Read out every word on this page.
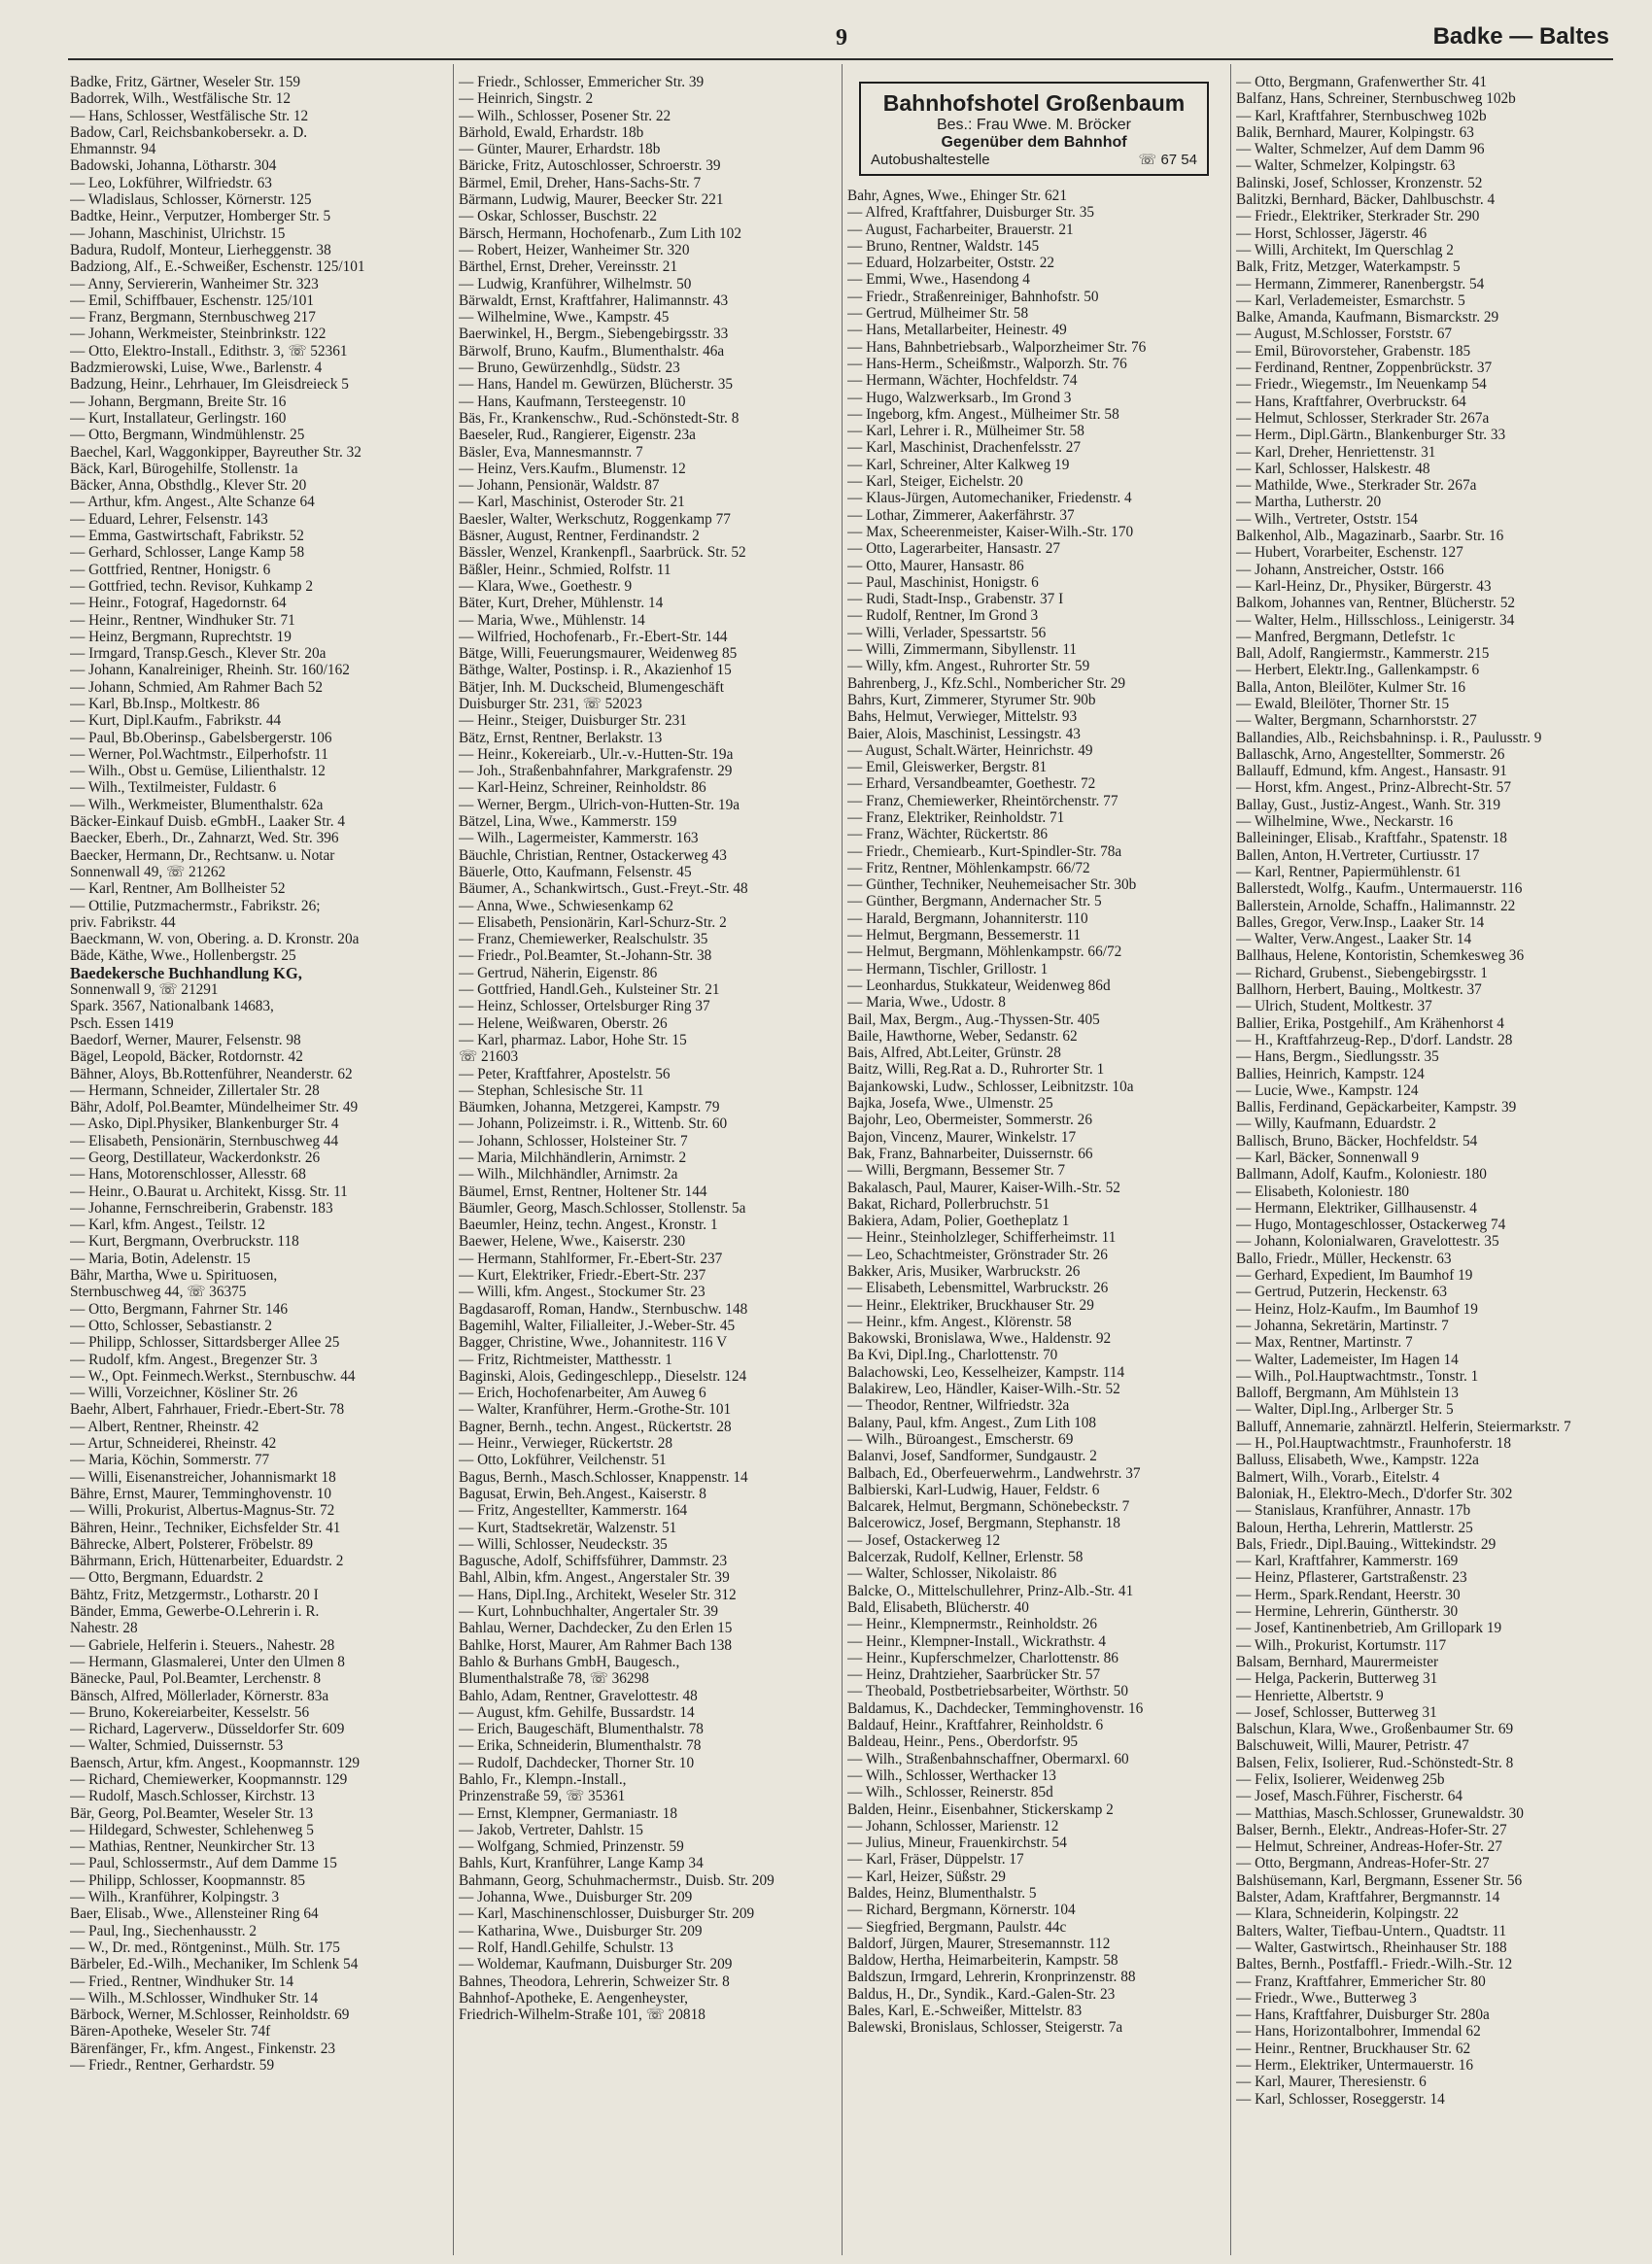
9	Badke — Baltes
Badke, Fritz, Gärtner, Weseler Str. 159
Badorrek, Wilh., Westfälische Str. 12
— Hans, Schlosser, Westfälische Str. 12
Badow, Carl, Reichsbankobersekr. a. D.
Ehmannstr. 94
Badowski, Johanna, Lötharstr. 304
— Leo, Lokführer, Wilfriedstr. 63
— Wladislaus, Schlosser, Körnerstr. 125
Badtke, Heinr., Verputzer, Homberger Str. 5
— Johann, Maschinist, Ulrichstr. 15
Badura, Rudolf, Monteur, Lierheggenstr. 38
Badziong, Alf., E.-Schweißer, Eschenstr. 125/101
— Anny, Serviererin, Wanheimer Str. 323
— Emil, Schiffbauer, Eschenstr. 125/101
— Franz, Bergmann, Sternbuschweg 217
— Johann, Werkmeister, Steinbrinkstr. 122
— Otto, Elektro-Install., Edithstr. 3, ☏ 52361
Badzmierowski, Luise, Wwe., Barlenstr. 4
Badzung, Heinr., Lehrhauer, Im Gleisdreieck 5
— Johann, Bergmann, Breite Str. 16
— Kurt, Installateur, Gerlingstr. 160
— Otto, Bergmann, Windmühlenstr. 25
Baechel, Karl, Waggonkipper, Bayreuther Str. 32
Bäck, Karl, Bürogehilfe, Stollenstr. 1a
Bäcker, Anna, Obsthdlg., Klever Str. 20
— Arthur, kfm. Angest., Alte Schanze 64
— Eduard, Lehrer, Felsenstr. 143
— Emma, Gastwirtschaft, Fabrikstr. 52
— Gerhard, Schlosser, Lange Kamp 58
— Gottfried, Rentner, Honigstr. 6
— Gottfried, techn. Revisor, Kuhkamp 2
— Heinr., Fotograf, Hagedornstr. 64
— Heinr., Rentner, Windhuker Str. 71
— Heinz, Bergmann, Ruprechtstr. 19
— Irmgard, Transp.Gesch., Klever Str. 20a
— Johann, Kanalreiniger, Rheinh. Str. 160/162
— Johann, Schmied, Am Rahmer Bach 52
— Karl, Bb.Insp., Moltkestr. 86
— Kurt, Dipl.Kaufm., Fabrikstr. 44
— Paul, Bb.Oberinsp., Gabelsbergerstr. 106
— Werner, Pol.Wachtmstr., Eilperhofstr. 11
— Wilh., Obst u. Gemüse, Lilienthalstr. 12
— Wilh., Textilmeister, Fuldastr. 6
— Wilh., Werkmeister, Blumenthalstr. 62a
Bäcker-Einkauf Duisb. eGmbH., Laaker Str. 4
Baecker, Eberh., Dr., Zahnarzt, Wed. Str. 396
Baecker, Hermann, Dr., Rechtsanw. u. Notar
Sonnenwall 49, ☏ 21262
— Karl, Rentner, Am Bollheister 52
— Ottilie, Putzmachermstr., Fabrikstr. 26;
priv. Fabrikstr. 44
Baeckmann, W. von, Obering. a. D. Kronstr. 20a
Bäde, Käthe, Wwe., Hollenbergstr. 25
Baedekersche Buchhandlung KG,
Sonnenwall 9, ☏ 21291
Spark. 3567, Nationalbank 14683,
Psch. Essen 1419
Baedorf, Werner, Maurer, Felsenstr. 98
Bägel, Leopold, Bäcker, Rotdornstr. 42
Bähner, Aloys, Bb.Rottenführer, Neanderstr. 62
— Hermann, Schneider, Zillertaler Str. 28
Bähr, Adolf, Pol.Beamter, Mündelheimer Str. 49
— Asko, Dipl.Physiker, Blankenburger Str. 4
— Elisabeth, Pensionärin, Sternbuschweg 44
— Georg, Destillateur, Wackerdonkstr. 26
— Hans, Motorenschlosser, Allesstr. 68
— Heinr., O.Baurat u. Architekt, Kissg. Str. 11
— Johanne, Fernschreiberin, Grabenstr. 183
— Karl, kfm. Angest., Teilstr. 12
— Kurt, Bergmann, Overbruckstr. 118
— Maria, Botin, Adelenstr. 15
Bähr, Martha, Wwe u. Spirituosen,
Sternbuschweg 44, ☏ 36375
— Otto, Bergmann, Fahrner Str. 146
— Otto, Schlosser, Sebastianstr. 2
— Philipp, Schlosser, Sittardsberger Allee 25
— Rudolf, kfm. Angest., Bregenzer Str. 3
— W., Opt. Feinmech.Werkst., Sternbuschw. 44
— Willi, Vorzeichner, Kösliner Str. 26
Baehr, Albert, Fahrhauer, Friedr.-Ebert-Str. 78
— Albert, Rentner, Rheinstr. 42
— Artur, Schneiderei, Rheinstr. 42
— Maria, Köchin, Sommerstr. 77
— Willi, Eisenanstreicher, Johannismarkt 18
Bähre, Ernst, Maurer, Temminghovenstr. 10
— Willi, Prokurist, Albertus-Magnus-Str. 72
Bähren, Heinr., Techniker, Eichsfelder Str. 41
Bährecke, Albert, Polsterer, Fröbelstr. 89
Bährmann, Erich, Hüttenarbeiter, Eduardstr. 2
— Otto, Bergmann, Eduardstr. 2
Bähtz, Fritz, Metzgermstr., Lotharstr. 20 I
Bänder, Emma, Gewerbe-O.Lehrerin i. R.
Nahestr. 28
— Gabriele, Helferin i. Steuers., Nahestr. 28
— Hermann, Glasmalerei, Unter den Ulmen 8
Bänecke, Paul, Pol.Beamter, Lerchenstr. 8
Bänsch, Alfred, Möllerlader, Körnerstr. 83a
— Bruno, Kokereiarbeiter, Kesselstr. 56
— Richard, Lagerverw., Düsseldorfer Str. 609
— Walter, Schmied, Duissernstr. 53
Baensch, Artur, kfm. Angest., Koopmannstr. 129
— Richard, Chemiewerker, Koopmannstr. 129
— Rudolf, Masch.Schlosser, Kirchstr. 13
Bär, Georg, Pol.Beamter, Weseler Str. 13
— Hildegard, Schwester, Schlehenweg 5
— Mathias, Rentner, Neunkircher Str. 13
— Paul, Schlossermstr., Auf dem Damme 15
— Philipp, Schlosser, Koopmannstr. 85
— Wilh., Kranführer, Kolpingstr. 3
Baer, Elisab., Wwe., Allensteiner Ring 64
— Paul, Ing., Siechenhausstr. 2
— W., Dr. med., Röntgeninst., Mülh. Str. 175
Bärbeler, Ed.-Wilh., Mechaniker, Im Schlenk 54
— Fried., Rentner, Windhuker Str. 14
— Wilh., M.Schlosser, Windhuker Str. 14
Bärbock, Werner, M.Schlosser, Reinholdstr. 69
Bären-Apotheke, Weseler Str. 74f
Bärenfänger, Fr., kfm. Angest., Finkenstr. 23
— Friedr., Rentner, Gerhardstr. 59
— Friedr., Schlosser, Emmericher Str. 39
— Heinrich, Singstr. 2
— Wilh., Schlosser, Posener Str. 22
Bärhold, Ewald, Erhardstr. 18b
— Günter, Maurer, Erhardstr. 18b
Bäricke, Fritz, Autoschlosser, Schroerstr. 39
Bärmel, Emil, Dreher, Hans-Sachs-Str. 7
Bärmann, Ludwig, Maurer, Beecker Str. 221
— Oskar, Schlosser, Buschstr. 22
Bärsch, Hermann, Hochofenarb., Zum Lith 102
— Robert, Heizer, Wanheimer Str. 320
Bärthel, Ernst, Dreher, Vereinsstr. 21
— Ludwig, Kranführer, Wilhelmstr. 50
Bärwaldt, Ernst, Kraftfahrer, Halimannstr. 43
— Wilhelmine, Wwe., Kampstr. 45
Baerwinkel, H., Bergm., Siebengebirgsstr. 33
Bärwolf, Bruno, Kaufm., Blumenthalstr. 46a
— Bruno, Gewürzenhdlg., Südstr. 23
— Hans, Handel m. Gewürzen, Blücherstr. 35
— Hans, Kaufmann, Tersteegenstr. 10
Bäs, Fr., Krankenschw., Rud.-Schönstedt-Str. 8
Baeseler, Rud., Rangierer, Eigenstr. 23a
Bäsler, Eva, Mannesmannstr. 7
— Heinz, Vers.Kaufm., Blumenstr. 12
— Johann, Pensionär, Waldstr. 87
— Karl, Maschinist, Osteroder Str. 21
Baesler, Walter, Werkschutz, Roggenkamp 77
Bäsner, August, Rentner, Ferdinandstr. 2
Bässler, Wenzel, Krankenpfl., Saarbrück. Str. 52
Bäßler, Heinr., Schmied, Rolfstr. 11
— Klara, Wwe., Goethestr. 9
Bäter, Kurt, Dreher, Mühlenstr. 14
— Maria, Wwe., Mühlenstr. 14
— Wilfried, Hochofenarb., Fr.-Ebert-Str. 144
Bätge, Willi, Feuerungsmaurer, Weidenweg 85
Bäthge, Walter, Postinsp. i. R., Akazienhof 15
Bätjer, Inh. M. Duckscheid, Blumengeschäft
Duisburger Str. 231, ☏ 52023
— Heinr., Steiger, Duisburger Str. 231
Bätz, Ernst, Rentner, Berlakstr. 13
— Heinr., Kokereiarb., Ulr.-v.-Hutten-Str. 19a
— Joh., Straßenbahnfahrer, Markgrafenstr. 29
— Karl-Heinz, Schreiner, Reinholdstr. 86
— Werner, Bergm., Ulrich-von-Hutten-Str. 19a
Bätzel, Lina, Wwe., Kammerstr. 159
— Wilh., Lagermeister, Kammerstr. 163
Bäuchle, Christian, Rentner, Ostackerweg 43
Bäuerle, Otto, Kaufmann, Felsenstr. 45
Bäumer, A., Schankwirtsch., Gust.-Freyt.-Str. 48
— Anna, Wwe., Schwiesenkamp 62
— Elisabeth, Pensionärin, Karl-Schurz-Str. 2
— Franz, Chemiewerker, Realschulstr. 35
— Friedr., Pol.Beamter, St.-Johann-Str. 38
— Gertrud, Näherin, Eigenstr. 86
— Gottfried, Handl.Geh., Kulsteiner Str. 21
— Heinz, Schlosser, Ortelsburger Ring 37
— Helene, Weißwaren, Oberstr. 26
— Karl, pharmaz. Labor, Hohe Str. 15
☏ 21603
— Peter, Kraftfahrer, Apostelstr. 56
— Stephan, Schlesische Str. 11
Bäumken, Johanna, Metzgerei, Kampstr. 79
— Johann, Polizeimstr. i. R., Wittenb. Str. 60
— Johann, Schlosser, Holsteiner Str. 7
— Maria, Milchhändlerin, Arnimstr. 2
— Wilh., Milchhändler, Arnimstr. 2a
Bäumel, Ernst, Rentner, Holtener Str. 144
Bäumler, Georg, Masch.Schlosser, Stollenstr. 5a
Baeumler, Heinz, techn. Angest., Kronstr. 1
Baewer, Helene, Wwe., Kaiserstr. 230
— Hermann, Stahlformer, Fr.-Ebert-Str. 237
— Kurt, Elektriker, Friedr.-Ebert-Str. 237
— Willi, kfm. Angest., Stockumer Str. 23
Bagdasaroff, Roman, Handw., Sternbuschw. 148
Bagemihl, Walter, Filialleiter, J.-Weber-Str. 45
Bagger, Christine, Wwe., Johannitestr. 116 V
— Fritz, Richtmeister, Matthesstr. 1
Baginski, Alois, Gedingeschlepp., Dieselstr. 124
— Erich, Hochofenarbeiter, Am Auweg 6
— Walter, Kranführer, Herm.-Grothe-Str. 101
Bagner, Bernh., techn. Angest., Rückertstr. 28
— Heinr., Verwieger, Rückertstr. 28
— Otto, Lokführer, Veilchenstr. 51
Bagus, Bernh., Masch.Schlosser, Knappenstr. 14
Bagusat, Erwin, Beh.Angest., Kaiserstr. 8
— Fritz, Angestellter, Kammerstr. 164
— Kurt, Stadtsekretär, Walzenstr. 51
— Willi, Schlosser, Neudeckstr. 35
Bagusche, Adolf, Schiffsführer, Dammstr. 23
Bahl, Albin, kfm. Angest., Angerstaler Str. 39
— Hans, Dipl.Ing., Architekt, Weseler Str. 312
— Kurt, Lohnbuchhalter, Angertaler Str. 39
Bahlau, Werner, Dachdecker, Zu den Erlen 15
Bahlke, Horst, Maurer, Am Rahmer Bach 138
Bahlo & Burhans GmbH, Baugesch.,
Blumenthalstraße 78, ☏ 36298
Bahlo, Adam, Rentner, Gravelottestr. 48
— August, kfm. Gehilfe, Bussardstr. 14
— Erich, Baugeschäft, Blumenthalstr. 78
— Erika, Schneiderin, Blumenthalstr. 78
— Rudolf, Dachdecker, Thorner Str. 10
Bahlo, Fr., Klempn.-Install.,
Prinzenstraße 59, ☏ 35361
— Ernst, Klempner, Germaniastr. 18
— Jakob, Vertreter, Dahlstr. 15
— Wolfgang, Schmied, Prinzenstr. 59
Bahls, Kurt, Kranführer, Lange Kamp 34
Bahmann, Georg, Schuhmachermstr., Duisb. Str. 209
— Johanna, Wwe., Duisburger Str. 209
— Karl, Maschinenschlosser, Duisburger Str. 209
— Katharina, Wwe., Duisburger Str. 209
— Rolf, Handl.Gehilfe, Schulstr. 13
— Woldemar, Kaufmann, Duisburger Str. 209
Bahnes, Theodora, Lehrerin, Schweizer Str. 8
Bahnhof-Apotheke, E. Aengenheyster,
Friedrich-Wilhelm-Straße 101, ☏ 20818
Bahnhofshotel Großenbaum
Bes.: Frau Wwe. M. Bröcker
Gegenüber dem Bahnhof
Autobushaltestelle	☏ 67 54
Bahr, Agnes, Wwe., Ehinger Str. 621
— Alfred, Kraftfahrer, Duisburger Str. 35
— August, Facharbeiter, Brauerstr. 21
— Bruno, Rentner, Waldstr. 145
— Eduard, Holzarbeiter, Oststr. 22
— Emmi, Wwe., Hasendong 4
— Friedr., Straßenreiniger, Bahnhofstr. 50
— Gertrud, Mülheimer Str. 58
— Hans, Metallarbeiter, Heinestr. 49
— Hans, Bahnbetriebsarb., Walporzheimer Str. 76
— Hans-Herm., Scheißmstr., Walporzh. Str. 76
— Hermann, Wächter, Hochfeldstr. 74
— Hugo, Walzwerksarb., Im Grond 3
— Ingeborg, kfm. Angest., Mülheimer Str. 58
— Karl, Lehrer i. R., Mülheimer Str. 58
— Karl, Maschinist, Drachenfelsstr. 27
— Karl, Schreiner, Alter Kalkweg 19
— Karl, Steiger, Eichelstr. 20
— Klaus-Jürgen, Automechaniker, Friedenstr. 4
— Lothar, Zimmerer, Aakerfährstr. 37
— Max, Scheerenmeister, Kaiser-Wilh.-Str. 170
— Otto, Lagerarbeiter, Hansastr. 27
— Otto, Maurer, Hansastr. 86
— Paul, Maschinist, Honigstr. 6
— Rudi, Stadt-Insp., Grabenstr. 37 I
— Rudolf, Rentner, Im Grond 3
— Willi, Verlader, Spessartstr. 56
— Willi, Zimmermann, Sibyllenstr. 11
— Willy, kfm. Angest., Ruhrorter Str. 59
Bahrenberg, J., Kfz.Schl., Nombericher Str. 29
Bahrs, Kurt, Zimmerer, Styrumer Str. 90b
Bahs, Helmut, Verwieger, Mittelstr. 93
Baier, Alois, Maschinist, Lessingstr. 43
— August, Schalt.Wärter, Heinrichstr. 49
— Emil, Gleiswerker, Bergstr. 81
— Erhard, Versandbeamter, Goethestr. 72
— Franz, Chemiewerker, Rheintörchenstr. 77
— Franz, Elektriker, Reinholdstr. 71
— Franz, Wächter, Rückertstr. 86
— Friedr., Chemiearb., Kurt-Spindler-Str. 78a
— Fritz, Rentner, Möhlenkampstr. 66/72
— Günther, Techniker, Neuhemeisacher Str. 30b
— Günther, Bergmann, Andernacher Str. 5
— Harald, Bergmann, Johanniterstr. 110
— Helmut, Bergmann, Bessemerstr. 11
— Helmut, Bergmann, Möhlenkampstr. 66/72
— Hermann, Tischler, Grillostr. 1
— Leonhardus, Stukkateur, Weidenweg 86d
— Maria, Wwe., Udostr. 8
Bail, Max, Bergm., Aug.-Thyssen-Str. 405
Baile, Hawthorne, Weber, Sedanstr. 62
Bais, Alfred, Abt.Leiter, Grünstr. 28
Baitz, Willi, Reg.Rat a. D., Ruhrorter Str. 1
Bajankowski, Ludw., Schlosser, Leibnitzstr. 10a
Bajka, Josefa, Wwe., Ulmenstr. 25
Bajohr, Leo, Obermeister, Sommerstr. 26
Bajon, Vincenz, Maurer, Winkelstr. 17
Bak, Franz, Bahnarbeiter, Duissernstr. 66
— Willi, Bergmann, Bessemer Str. 7
Bakalasch, Paul, Maurer, Kaiser-Wilh.-Str. 52
Bakat, Richard, Pollerbruchstr. 51
Bakiera, Adam, Polier, Goetheplatz 1
— Heinr., Steinholzleger, Schifferheimstr. 11
— Leo, Schachtmeister, Grönstrader Str. 26
Bakker, Aris, Musiker, Warbruckstr. 26
— Elisabeth, Lebensmittel, Warbruckstr. 26
— Heinr., Elektriker, Bruckhauser Str. 29
— Heinr., kfm. Angest., Klörenstr. 58
Bakowski, Bronislawa, Wwe., Haldenstr. 92
Ba Kvi, Dipl.Ing., Charlottenstr. 70
Balachowski, Leo, Kesselheizer, Kampstr. 114
Balakirew, Leo, Händler, Kaiser-Wilh.-Str. 52
— Theodor, Rentner, Wilfriedstr. 32a
Balany, Paul, kfm. Angest., Zum Lith 108
— Wilh., Büroangest., Emscherstr. 69
Balanvi, Josef, Sandformer, Sundgaustr. 2
Balbach, Ed., Oberfeuerwehrm., Landwehrstr. 37
Balbierski, Karl-Ludwig, Hauer, Feldstr. 6
Balcarek, Helmut, Bergmann, Schönebeckstr. 7
Balcerowicz, Josef, Bergmann, Stephanstr. 18
— Josef, Ostackerweg 12
Balcerzak, Rudolf, Kellner, Erlenstr. 58
— Walter, Schlosser, Nikolaistr. 86
Balcke, O., Mittelschullehrer, Prinz-Alb.-Str. 41
Bald, Elisabeth, Blücherstr. 40
— Heinr., Klempnermstr., Reinholdstr. 26
— Heinr., Klempner-Install., Wickrathstr. 4
— Heinr., Kupferschmelzer, Charlottenstr. 86
— Heinz, Drahtzieher, Saarbrücker Str. 57
— Theobald, Postbetriebsarbeiter, Wörthstr. 50
Baldamus, K., Dachdecker, Temminghovenstr. 16
Baldauf, Heinr., Kraftfahrer, Reinholdstr. 6
Baldeau, Heinr., Pens., Oberdorfstr. 95
— Wilh., Straßenbahnschaffner, Obermarxl. 60
— Wilh., Schlosser, Werthacker 13
— Wilh., Schlosser, Reinerstr. 85d
Balden, Heinr., Eisenbahner, Stickerskamp 2
— Johann, Schlosser, Marienstr. 12
— Julius, Mineur, Frauenkirchstr. 54
— Karl, Fräser, Düppelstr. 17
— Karl, Heizer, Süßstr. 29
Baldes, Heinz, Blumenthalstr. 5
— Richard, Bergmann, Körnerstr. 104
— Siegfried, Bergmann, Paulstr. 44c
Baldorf, Jürgen, Maurer, Stresemannstr. 112
Baldow, Hertha, Heimarbeiterin, Kampstr. 58
Baldszun, Irmgard, Lehrerin, Kronprinzenstr. 88
Baldus, H., Dr., Syndik., Kard.-Galen-Str. 23
Bales, Karl, E.-Schweißer, Mittelstr. 83
Balewski, Bronislaus, Schlosser, Steigerstr. 7a
— Otto, Bergmann, Grafenwerther Str. 41
Balfanz, Hans, Schreiner, Sternbuschweg 102b
— Karl, Kraftfahrer, Sternbuschweg 102b
Balik, Bernhard, Maurer, Kolpingstr. 63
— Walter, Schmelzer, Auf dem Damm 96
— Walter, Schmelzer, Kolpingstr. 63
Balinski, Josef, Schlosser, Kronzenstr. 52
Balitzki, Bernhard, Bäcker, Dahlbuschstr. 4
— Friedr., Elektriker, Sterkrader Str. 290
— Horst, Schlosser, Jägerstr. 46
— Willi, Architekt, Im Querschlag 2
Balk, Fritz, Metzger, Waterkampstr. 5
— Hermann, Zimmerer, Ranenbergstr. 54
— Karl, Verlademeister, Esmarchstr. 5
Balke, Amanda, Kaufmann, Bismarckstr. 29
— August, M.Schlosser, Forststr. 67
— Emil, Bürovorsteher, Grabenstr. 185
— Ferdinand, Rentner, Zoppenbrückstr. 37
— Friedr., Wiegemstr., Im Neuenkamp 54
— Hans, Kraftfahrer, Overbruckstr. 64
— Helmut, Schlosser, Sterkrader Str. 267a
— Herm., Dipl.Gärtn., Blankenburger Str. 33
— Karl, Dreher, Henriettenstr. 31
— Karl, Schlosser, Halskestr. 48
— Mathilde, Wwe., Sterkrader Str. 267a
— Martha, Lutherstr. 20
— Wilh., Vertreter, Oststr. 154
Balkenhol, Alb., Magazinarb., Saarbr. Str. 16
— Hubert, Vorarbeiter, Eschenstr. 127
— Johann, Anstreicher, Oststr. 166
— Karl-Heinz, Dr., Physiker, Bürgerstr. 43
Balkom, Johannes van, Rentner, Blücherstr. 52
— Walter, Helm., Hillsschloss., Leinigerstr. 34
— Manfred, Bergmann, Detlefstr. 1c
Ball, Adolf, Rangiermstr., Kammerstr. 215
— Herbert, Elektr.Ing., Gallenkampstr. 6
Balla, Anton, Bleilöter, Kulmer Str. 16
— Ewald, Bleilöter, Thorner Str. 15
— Walter, Bergmann, Scharnhorststr. 27
Ballandies, Alb., Reichsbahninsp. i. R., Paulusstr. 9
Ballaschk, Arno, Angestellter, Sommerstr. 26
Ballauff, Edmund, kfm. Angest., Hansastr. 91
— Horst, kfm. Angest., Prinz-Albrecht-Str. 57
Ballay, Gust., Justiz-Angest., Wanh. Str. 319
— Wilhelmine, Wwe., Neckarstr. 16
Balleininger, Elisab., Kraftfahr., Spatenstr. 18
Ballen, Anton, H.Vertreter, Curtiusstr. 17
— Karl, Rentner, Papiermühlenstr. 61
Ballerstedt, Wolfg., Kaufm., Untermauerstr. 116
Ballerstein, Arnolde, Schaffn., Halimannstr. 22
Balles, Gregor, Verw.Insp., Laaker Str. 14
— Walter, Verw.Angest., Laaker Str. 14
Ballhaus, Helene, Kontoristin, Schemkesweg 36
— Richard, Grubenst., Siebengebirgsstr. 1
Ballhorn, Herbert, Bauing., Moltkestr. 37
— Ulrich, Student, Moltkestr. 37
Ballier, Erika, Postgehilf., Am Krähenhorst 4
— H., Kraftfahrzeug-Rep., D'dorf. Landstr. 28
— Hans, Bergm., Siedlungsstr. 35
Ballies, Heinrich, Kampstr. 124
— Lucie, Wwe., Kampstr. 124
Ballis, Ferdinand, Gepäckarbeiter, Kampstr. 39
— Willy, Kaufmann, Eduardstr. 2
Ballisch, Bruno, Bäcker, Hochfeldstr. 54
— Karl, Bäcker, Sonnenwall 9
Ballmann, Adolf, Kaufm., Koloniestr. 180
— Elisabeth, Koloniestr. 180
— Hermann, Elektriker, Gillhausenstr. 4
— Hugo, Montageschlosser, Ostackerweg 74
— Johann, Kolonialwaren, Gravelottestr. 35
Ballo, Friedr., Müller, Heckenstr. 63
— Gerhard, Expedient, Im Baumhof 19
— Gertrud, Putzerin, Heckenstr. 63
— Heinz, Holz-Kaufm., Im Baumhof 19
— Johanna, Sekretärin, Martinstr. 7
— Max, Rentner, Martinstr. 7
— Walter, Lademeister, Im Hagen 14
— Wilh., Pol.Hauptwachtmstr., Tonstr. 1
Balloff, Bergmann, Am Mühlstein 13
— Walter, Dipl.Ing., Arlberger Str. 5
Balluff, Annemarie, zahnärztl. Helferin, Steiermarkstr. 7
— H., Pol.Hauptwachtmstr., Fraunhoferstr. 18
Balluss, Elisabeth, Wwe., Kampstr. 122a
Balmert, Wilh., Vorarb., Eitelstr. 4
Baloniak, H., Elektro-Mech., D'dorfer Str. 302
— Stanislaus, Kranführer, Annastr. 17b
Baloun, Hertha, Lehrerin, Mattlerstr. 25
Bals, Friedr., Dipl.Bauing., Wittekindstr. 29
— Karl, Kraftfahrer, Kammerstr. 169
— Heinz, Pflasterer, Gartstraßenstr. 23
— Herm., Spark.Rendant, Heerstr. 30
— Hermine, Lehrerin, Güntherstr. 30
— Josef, Kantinenbetrieb, Am Grillopark 19
— Wilh., Prokurist, Kortumstr. 117
Balsam, Bernhard, Maurermeister
— Helga, Packerin, Butterweg 31
— Henriette, Albertstr. 9
— Josef, Schlosser, Butterweg 31
Balschun, Klara, Wwe., Großenbaumer Str. 69
Balschuweit, Willi, Maurer, Petristr. 47
Balsen, Felix, Isolierer, Rud.-Schönstedt-Str. 8
— Felix, Isolierer, Weidenweg 25b
— Josef, Masch.Führer, Fischerstr. 64
— Matthias, Masch.Schlosser, Grunewaldstr. 30
Balser, Bernh., Elektr., Andreas-Hofer-Str. 27
— Helmut, Schreiner, Andreas-Hofer-Str. 27
— Otto, Bergmann, Andreas-Hofer-Str. 27
Balshüsemann, Karl, Bergmann, Essener Str. 56
Balster, Adam, Kraftfahrer, Bergmannstr. 14
— Klara, Schneiderin, Kolpingstr. 22
Balters, Walter, Tiefbau-Untern., Quadtstr. 11
— Walter, Gastwirtsch., Rheinhauser Str. 188
Baltes, Bernh., Postfaffl.- Friedr.-Wilh.-Str. 12
— Franz, Kraftfahrer, Emmericher Str. 80
— Friedr., Wwe., Butterweg 3
— Hans, Kraftfahrer, Duisburger Str. 280a
— Hans, Horizontalbohrer, Immendal 62
— Heinr., Rentner, Bruckhauser Str. 62
— Herm., Elektriker, Untermauerstr. 16
— Karl, Maurer, Theresienstr. 6
— Karl, Schlosser, Roseggerstr. 14
